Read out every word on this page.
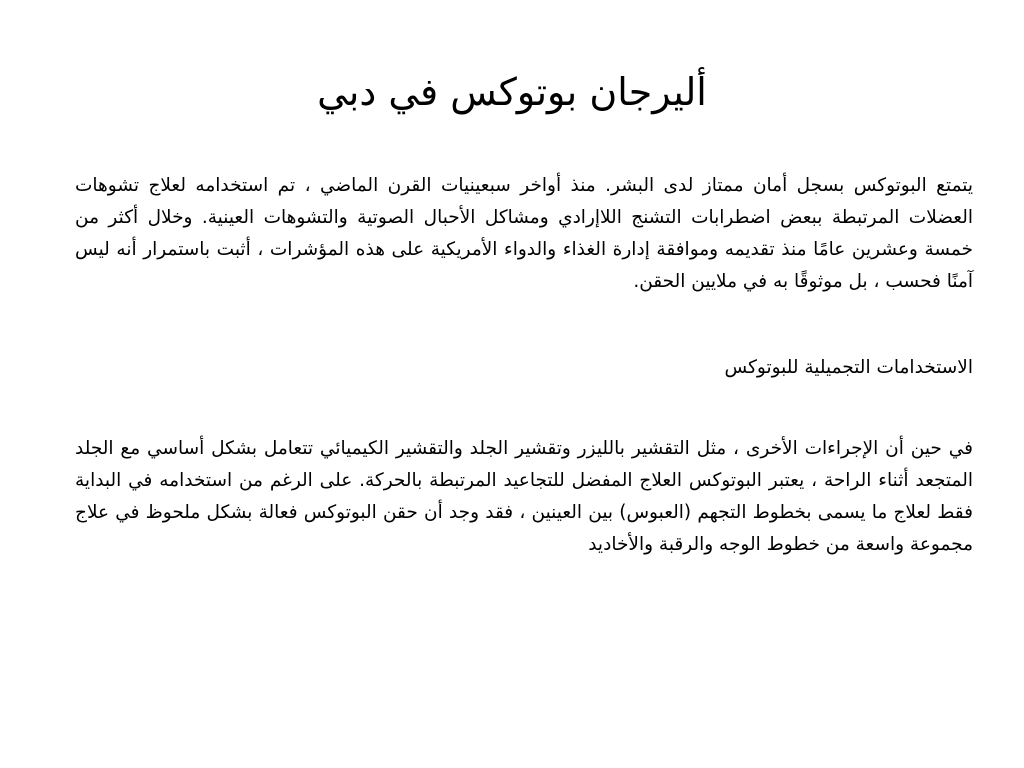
أليرجان بوتوكس في دبي

يتمتع البوتوكس بسجل أمان ممتاز لدى البشر. منذ أواخر سبعينيات القرن الماضي ، تم استخدامه لعلاج تشوهات العضلات المرتبطة ببعض اضطرابات التشنج اللاإرادي ومشاكل الأحبال الصوتية والتشوهات العينية. وخلال أكثر من خمسة وعشرين عامًا منذ تقديمه وموافقة إدارة الغذاء والدواء الأمريكية على هذه المؤشرات ، أثبت باستمرار أنه ليس آمنًا فحسب ، بل موثوقًا به في ملايين الحقن.

الاستخدامات التجميلية للبوتوكس

في حين أن الإجراءات الأخرى ، مثل التقشير بالليزر وتقشير الجلد والتقشير الكيميائي تتعامل بشكل أساسي مع الجلد المتجعد أثناء الراحة ، يعتبر البوتوكس العلاج المفضل للتجاعيد المرتبطة بالحركة. على الرغم من استخدامه في البداية فقط لعلاج ما يسمى بخطوط التجهم (العبوس) بين العينين ، فقد وجد أن حقن البوتوكس فعالة بشكل ملحوظ في علاج مجموعة واسعة من خطوط الوجه والرقبة والأخاديد
